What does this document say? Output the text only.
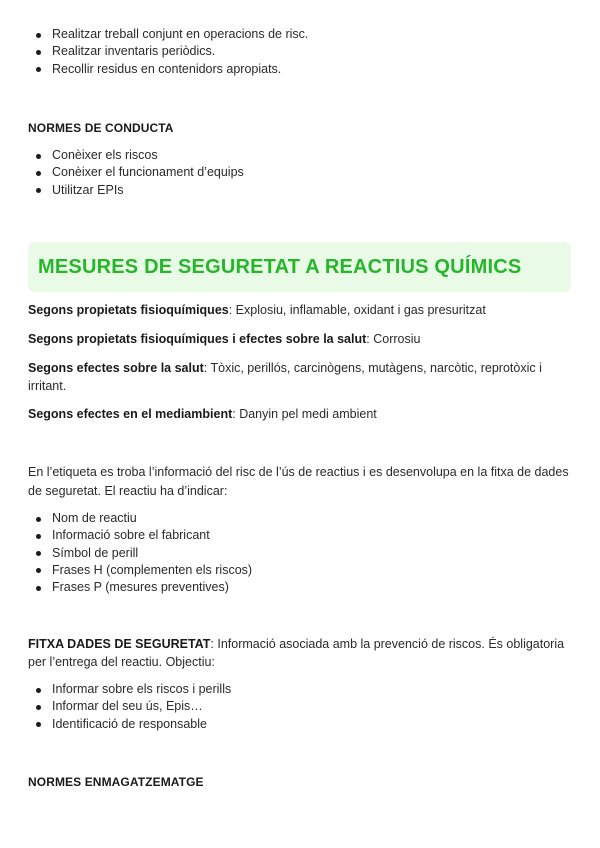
Realitzar treball conjunt en operacions de risc.
Realitzar inventaris periòdics.
Recollir residus en contenidors apropiats.
NORMES DE CONDUCTA
Conèixer els riscos
Conèixer el funcionament d’equips
Utilitzar EPIs
MESURES DE SEGURETAT A REACTIUS QUÍMICS

Segons propietats fisioquímiques: Explosiu, inflamable, oxidant i gas presuritzat

Segons propietats fisioquímiques i efectes sobre la salut: Corrosiu

Segons efectes sobre la salut: Tòxic, perillós, carcinògens, mutàgens, narcòtic, reprotòxic i irritant.

Segons efectes en el mediambient: Danyin pel medi ambient

En l’etiqueta es troba l’informació del risc de l’ús de reactius i es desenvolupa en la fitxa de dades de seguretat. El reactiu ha d’indicar:

Nom de reactiu
Informació sobre el fabricant
Símbol de perill
Frases H (complementen els riscos)
Frases P (mesures preventives)

FITXA DADES DE SEGURETAT: Informació asociada amb la prevenció de riscos. És obligatoria per l’entrega del reactiu. Objectiu:

Informar sobre els riscos i perills
Informar del seu ús, Epis…
Identificació de responsable
NORMES ENMAGATZEMATGE
